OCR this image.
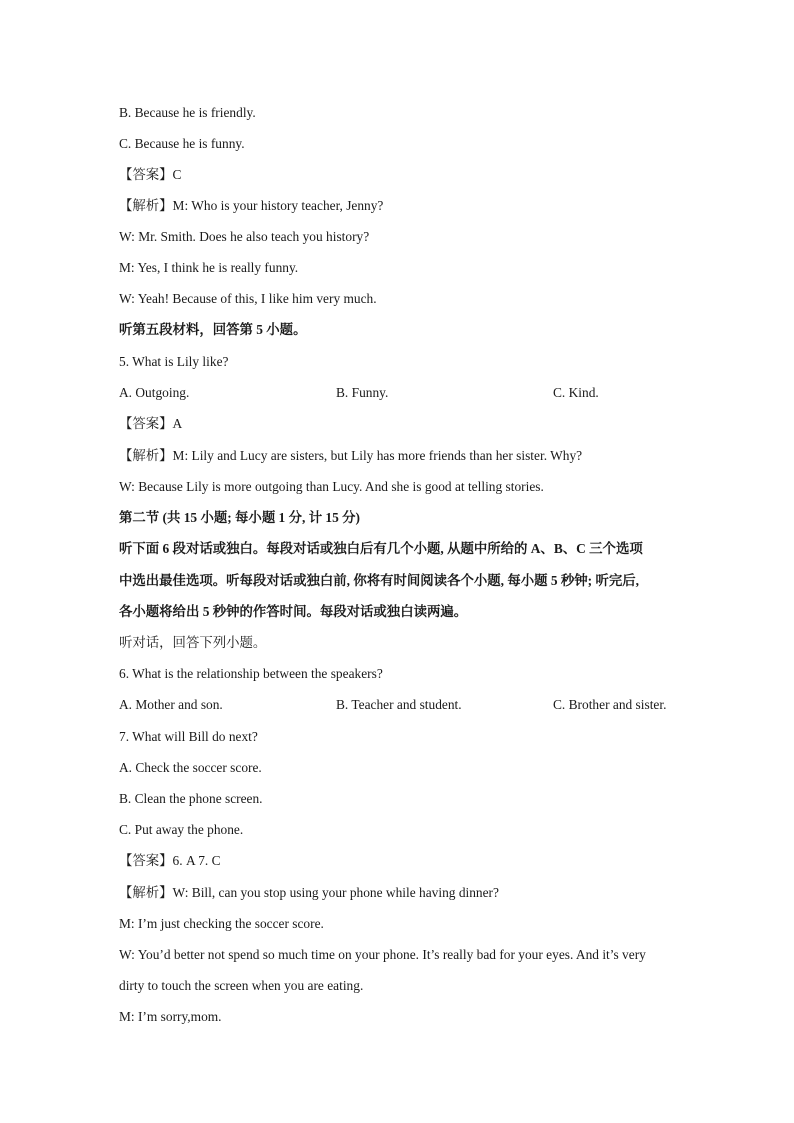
B. Because he is friendly.
C. Because he is funny.
【答案】C
【解析】M: Who is your history teacher, Jenny?
W: Mr. Smith. Does he also teach you history?
M: Yes, I think he is really funny.
W: Yeah! Because of this, I like him very much.
听第五段材料，回答第 5 小题。
5. What is Lily like?
A. Outgoing.	B. Funny.	C. Kind.
【答案】A
【解析】M: Lily and Lucy are sisters, but Lily has more friends than her sister. Why?
W: Because Lily is more outgoing than Lucy. And she is good at telling stories.
第二节 (共 15 小题; 每小题 1 分, 计 15 分)
听下面 6 段对话或独白。每段对话或独白后有几个小题, 从题中所给的 A、B、C 三个选项
中选出最佳选项。听每段对话或独白前, 你将有时间阅读各个小题, 每小题 5 秒钟; 听完后,
各小题将给出 5 秒钟的作答时间。每段对话或独白读两遍。
听对话，回答下列小题。
6. What is the relationship between the speakers?
A. Mother and son.	B. Teacher and student.	C. Brother and sister.
7. What will Bill do next?
A. Check the soccer score.
B. Clean the phone screen.
C. Put away the phone.
【答案】6. A 7. C
【解析】W: Bill, can you stop using your phone while having dinner?
M: I’m just checking the soccer score.
W: You’d better not spend so much time on your phone. It’s really bad for your eyes. And it’s very
dirty to touch the screen when you are eating.
M: I’m sorry,mom.
